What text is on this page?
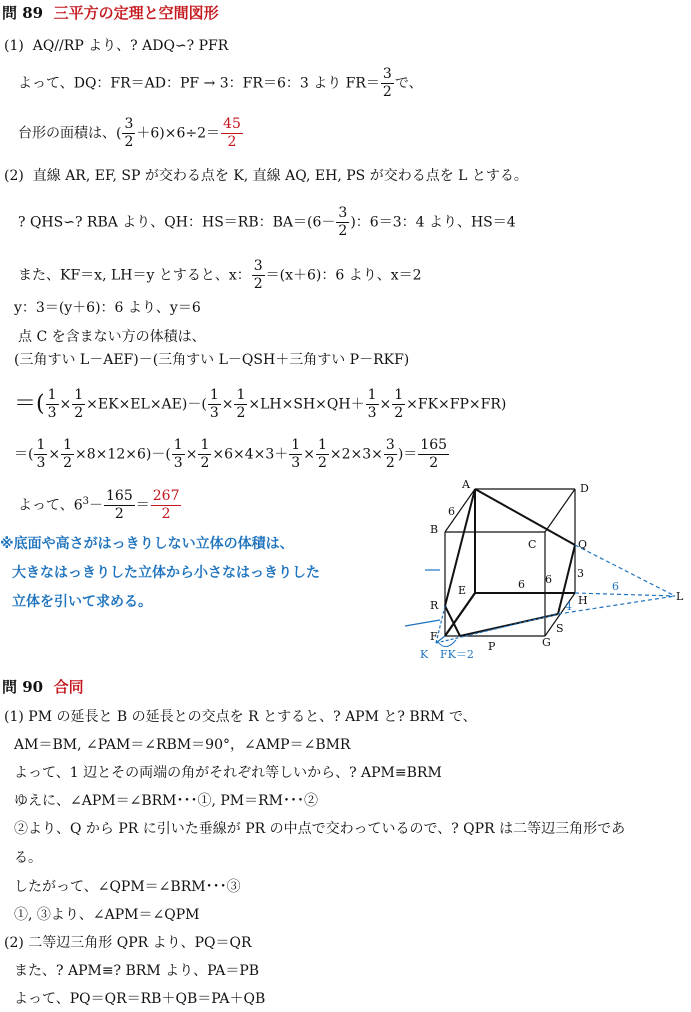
問 89 三平方の定理と空間図形
(1) AQ//RP より、? ADQ∽? PFR
よって、DQ：FR＝AD：PF → 3：FR＝6：3 より $FR= \frac{3}{2}$ で、
台形の面積は、( $\frac{3}{2} +6)\times 6\div 2= \frac{45}{2}$
(2) 直線 AR, EF, SP が交わる点を K, 直線 AQ, EH, PS が交わる点を L とする。
? QHS∽? RBA より、QH：HS＝RB：$BA=(6- \frac{3}{2}$ )：6＝3：4 より、HS＝4
また、KF＝x, LH＝y とすると、x： $\frac{3}{2} =(x+6)$：6 より、x＝2
y：3＝(y＋6)：6 より、y＝6
点 C を含まない方の体積は、
(三角すい L－AEF)－(三角すい L－QSH＋三角すい P－RKF)
＝( $\frac{1}{3} \times \frac{1}{2} \times EK\times EL\times AE)-( \frac{1}{3} \times \frac{1}{2} \times LH\times SH\times QH+ \frac{1}{3} \times \frac{1}{2} \times FK\times FP\times FR)$
＝( $\frac{1}{3} \times \frac{1}{2} \times 8\times 12\times 6)-( \frac{1}{3} \times \frac{1}{2} \times 6\times 4\times 3+ \frac{1}{3} \times \frac{1}{2} \times 2\times 3\times \frac{3}{2}$ )＝ $\frac{165}{2}$
よって、$6^3- \frac{165}{2} = \frac{267}{2}$
※底面や高さがはっきりしない立体の体積は、
大きなはっきりした立体から小さなはっきりした
立体を引いて求める。
A	D
B
C	Q
E
H	L
R
F
P	G
S
K FK＝2
6
6 6 3
6
4
問 90 合同
(1) PM の延長と B の延長との交点を R とすると、? APM と? BRM で、
AM＝BM, ∠PAM＝∠RBM＝90°，∠AMP＝∠BMR
よって、1 辺とその両端の角がそれぞれ等しいから、? APM≡BRM
ゆえに、∠APM＝∠BRM･･･①, PM＝RM･･･②
②より、Q から PR に引いた垂線が PR の中点で交わっているので、? QPR は二等辺三角形であ
る。
したがって、∠QPM＝∠BRM･･･③
①, ③より、∠APM＝∠QPM
(2) 二等辺三角形 QPR より、PQ＝QR
また、? APM≡? BRM より、PA＝PB
よって、PQ＝QR＝RB＋QB＝PA＋QB
